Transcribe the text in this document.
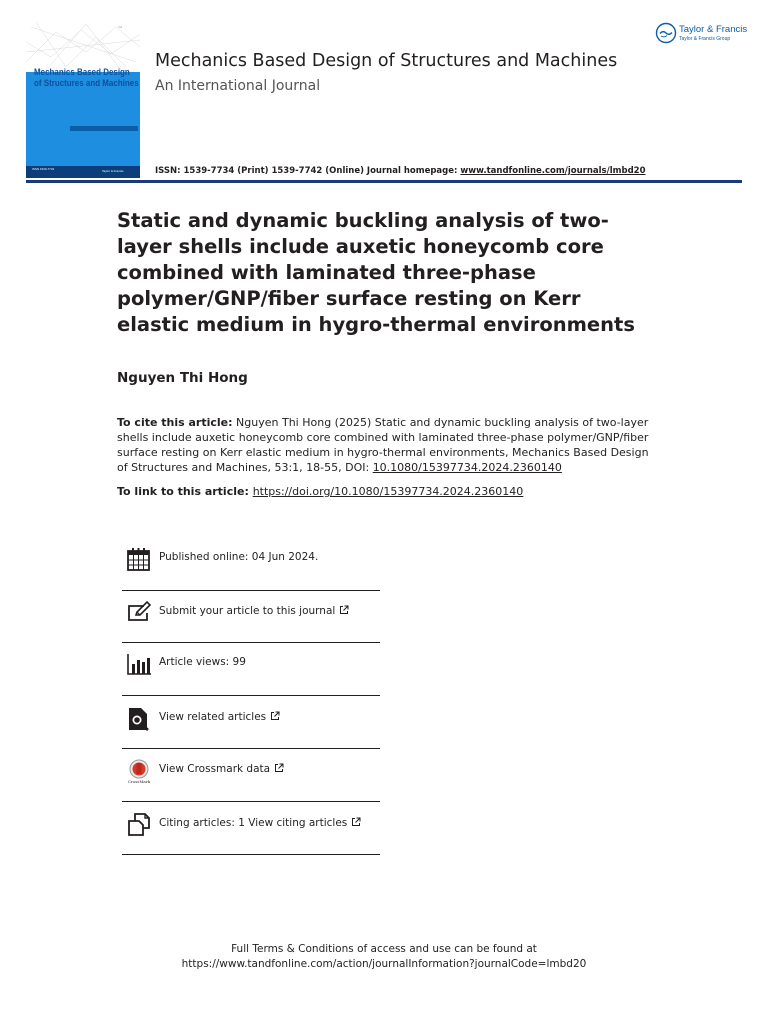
Vol
Mechanics Based Design
of Structures and Machines
ISSN 1539-7734	Taylor & Francis
Taylor & Francis
Taylor & Francis Group
Mechanics Based Design of Structures and Machines
An International Journal
ISSN: 1539-7734 (Print) 1539-7742 (Online) Journal homepage: www.tandfonline.com/journals/lmbd20
Static and dynamic buckling analysis of two-layer shells include auxetic honeycomb core combined with laminated three-phase polymer/GNP/fiber surface resting on Kerr elastic medium in hygro-thermal environments
Nguyen Thi Hong
To cite this article: Nguyen Thi Hong (2025) Static and dynamic buckling analysis of two-layer shells include auxetic honeycomb core combined with laminated three-phase polymer/GNP/fiber surface resting on Kerr elastic medium in hygro-thermal environments, Mechanics Based Design of Structures and Machines, 53:1, 18-55, DOI: 10.1080/15397734.2024.2360140
To link to this article: https://doi.org/10.1080/15397734.2024.2360140
Published online: 04 Jun 2024.
Submit your article to this journal
Article views: 99
View related articles
CrossMark
View Crossmark data
Citing articles: 1 View citing articles
Full Terms & Conditions of access and use can be found at
https://www.tandfonline.com/action/journalInformation?journalCode=lmbd20
